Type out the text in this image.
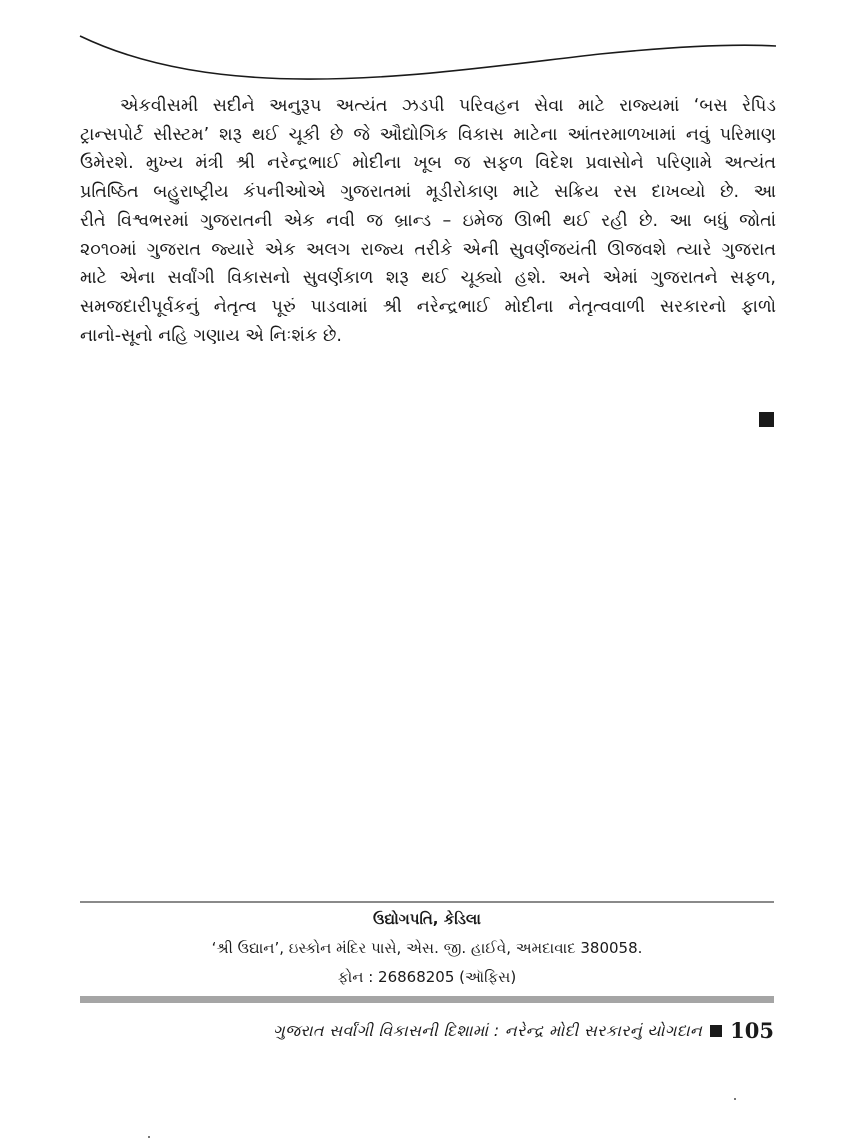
એકવીસમી સદીને અનુરૂપ અત્યંત ઝડપી પરિવહન સેવા માટે રાજ્યમાં ‘બસ રેપિડ
ટ્રાન્સપોર્ટ સીસ્ટમ’ શરૂ થઈ ચૂકી છે જે ઔદ્યોગિક વિકાસ માટેના આંતરમાળખામાં નવું પરિમાણ
ઉમેરશે. મુખ્ય મંત્રી શ્રી નરેન્દ્રભાઈ મોદીના ખૂબ જ સફળ વિદેશ પ્રવાસોને પરિણામે અત્યંત
પ્રતિષ્ઠિત બહુરાષ્ટ્રીય કંપનીઓએ ગુજરાતમાં મૂડીરોકાણ માટે સક્રિય રસ દાખવ્યો છે. આ
રીતે વિશ્વભરમાં ગુજરાતની એક નવી જ બ્રાન્ડ – ઇમેજ ઊભી થઈ રહી છે. આ બધું જોતાં
૨૦૧૦માં ગુજરાત જ્યારે એક અલગ રાજ્ય તરીકે એની સુવર્ણજયંતી ઊજવશે ત્યારે ગુજરાત
માટે એના સર્વાંગી વિકાસનો સુવર્ણકાળ શરૂ થઈ ચૂક્યો હશે. અને એમાં ગુજરાતને સફળ,
સમજદારીપૂર્વકનું નેતૃત્વ પૂરું પાડવામાં શ્રી નરેન્દ્રભાઈ મોદીના નેતૃત્વવાળી સરકારનો ફાળો
નાનો-સૂનો નહિ ગણાય એ નિઃશંક છે.
ઉદ્યોગપતિ, કેડિલા
‘શ્રી ઉદ્યાન’, ઇસ્કોન મંદિર પાસે, એસ. જી. હાઈવે, અમદાવાદ 380058.
ફોન : 26868205 (ઑફિસ)
ગુજરાત સર્વાંગી વિકાસની દિશામાં : નરેન્દ્ર મોદી સરકારનું યોગદાન 105
